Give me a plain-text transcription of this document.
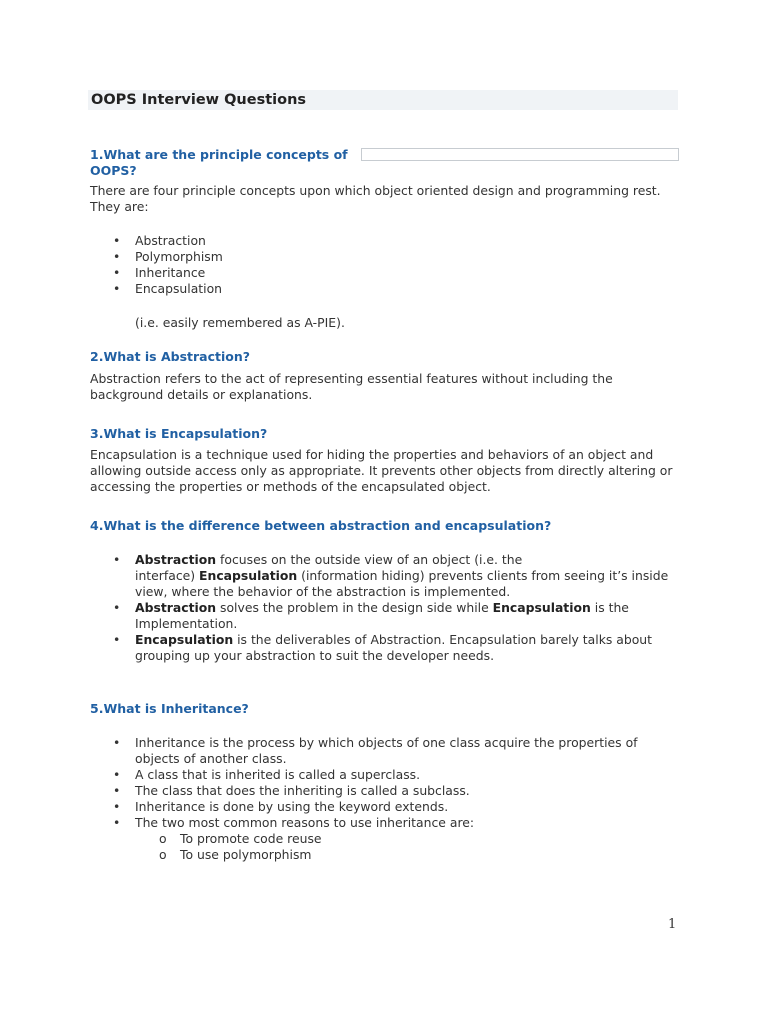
OOPS Interview Questions
1.What are the principle concepts of
OOPS?
There are four principle concepts upon which object oriented design and programming rest.
They are:
• Abstraction
• Polymorphism
• Inheritance
• Encapsulation
(i.e. easily remembered as A-PIE).
2.What is Abstraction?
Abstraction refers to the act of representing essential features without including the
background details or explanations.
3.What is Encapsulation?
Encapsulation is a technique used for hiding the properties and behaviors of an object and
allowing outside access only as appropriate. It prevents other objects from directly altering or
accessing the properties or methods of the encapsulated object.
4.What is the difference between abstraction and encapsulation?
• Abstraction focuses on the outside view of an object (i.e. the
interface) Encapsulation (information hiding) prevents clients from seeing it’s inside
view, where the behavior of the abstraction is implemented.
• Abstraction solves the problem in the design side while Encapsulation is the
Implementation.
• Encapsulation is the deliverables of Abstraction. Encapsulation barely talks about
grouping up your abstraction to suit the developer needs.
5.What is Inheritance?
• Inheritance is the process by which objects of one class acquire the properties of
objects of another class.
• A class that is inherited is called a superclass.
• The class that does the inheriting is called a subclass.
• Inheritance is done by using the keyword extends.
• The two most common reasons to use inheritance are:
o To promote code reuse
o To use polymorphism
1
